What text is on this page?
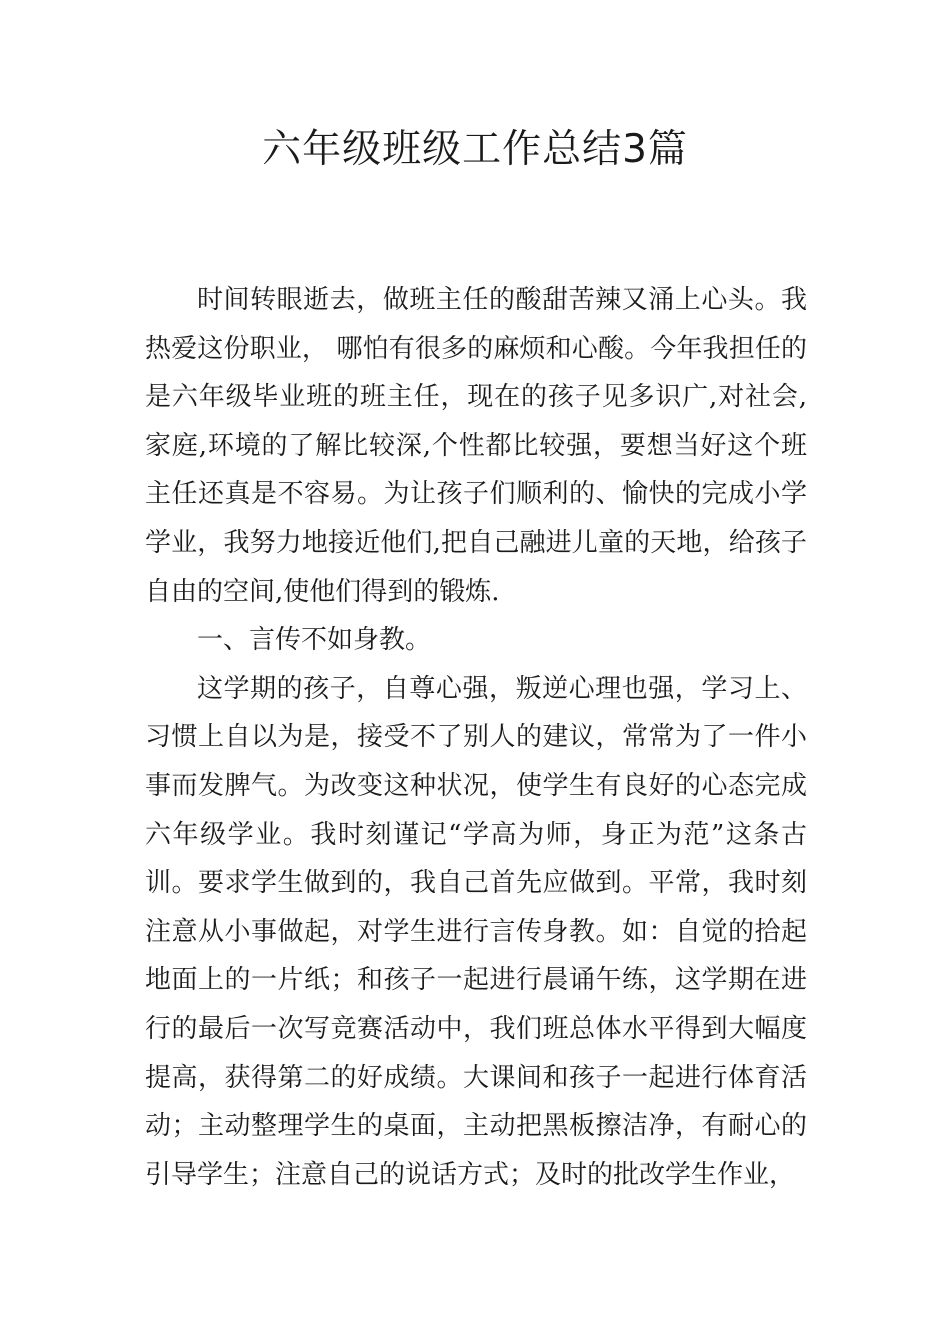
六年级班级工作总结3篇

时间转眼逝去，做班主任的酸甜苦辣又涌上心头。我热爱这份职业， 哪怕有很多的麻烦和心酸。今年我担任的是六年级毕业班的班主任，现在的孩子见多识广,对社会,家庭,环境的了解比较深,个性都比较强，要想当好这个班主任还真是不容易。为让孩子们顺利的、愉快的完成小学学业，我努力地接近他们,把自己融进儿童的天地，给孩子自由的空间,使他们得到的锻炼.

一、言传不如身教。

这学期的孩子，自尊心强，叛逆心理也强，学习上、习惯上自以为是，接受不了别人的建议，常常为了一件小事而发脾气。为改变这种状况，使学生有良好的心态完成六年级学业。我时刻谨记“学高为师，身正为范”这条古训。要求学生做到的，我自己首先应做到。平常，我时刻注意从小事做起，对学生进行言传身教。如：自觉的拾起地面上的一片纸；和孩子一起进行晨诵午练，这学期在进行的最后一次写竞赛活动中，我们班总体水平得到大幅度提高，获得第二的好成绩。大课间和孩子一起进行体育活动；主动整理学生的桌面，主动把黑板擦洁净，有耐心的引导学生；注意自己的说话方式；及时的批改学生作业，
